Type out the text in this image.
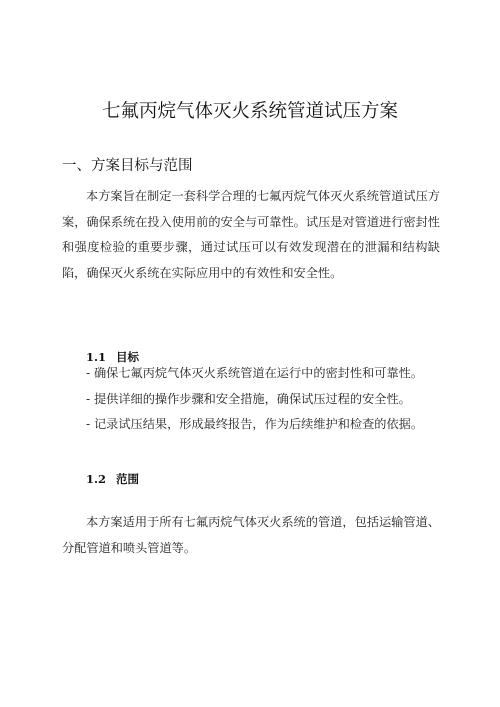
七氟丙烷气体灭火系统管道试压方案
一、方案目标与范围

本方案旨在制定一套科学合理的七氟丙烷气体灭火系统管道试压方案，确保系统在投入使用前的安全与可靠性。试压是对管道进行密封性和强度检验的重要步骤，通过试压可以有效发现潜在的泄漏和结构缺陷，确保灭火系统在实际应用中的有效性和安全性。

1.1 目标
- 确保七氟丙烷气体灭火系统管道在运行中的密封性和可靠性。
- 提供详细的操作步骤和安全措施，确保试压过程的安全性。
- 记录试压结果，形成最终报告，作为后续维护和检查的依据。
1.2 范围

本方案适用于所有七氟丙烷气体灭火系统的管道，包括运输管道、分配管道和喷头管道等。
